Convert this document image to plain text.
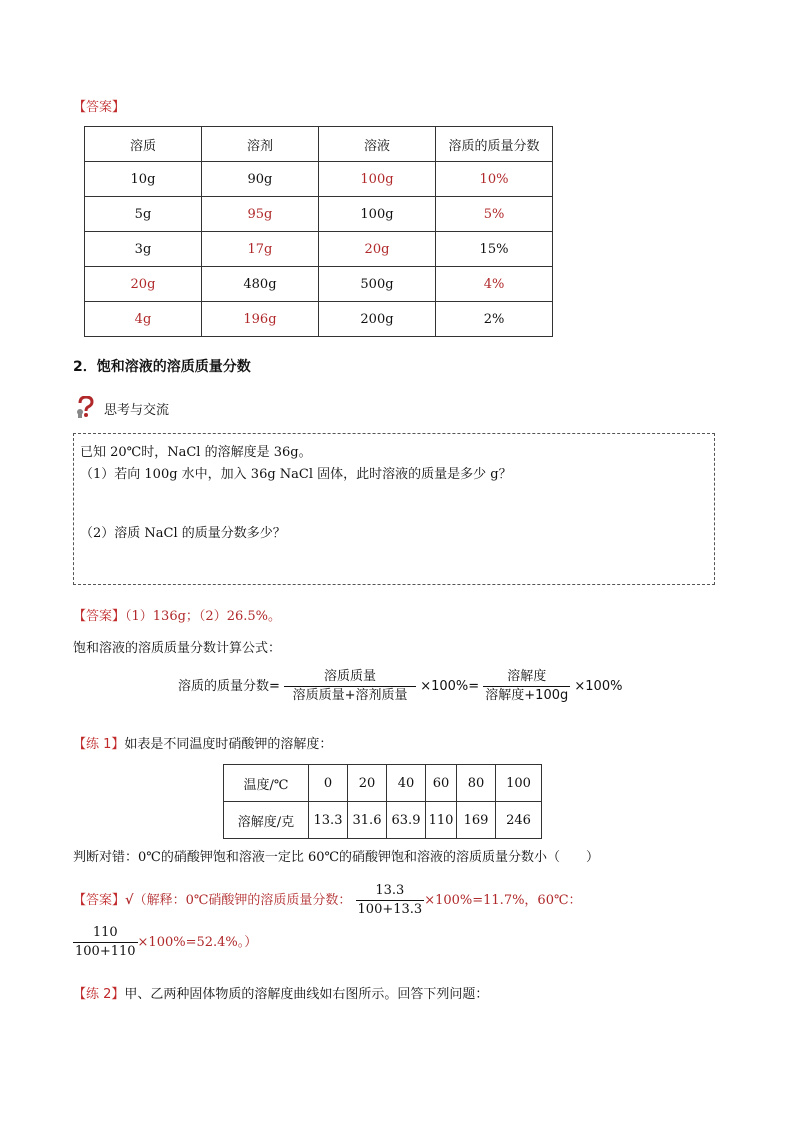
【答案】
溶质	溶剂	溶液	溶质的质量分数
10g	90g	100g	10%
5g	95g	100g	5%
3g	17g	20g	15%
20g	480g	500g	4%
4g	196g	200g	2%
2．饱和溶液的溶质质量分数
思考与交流
已知 20℃时，NaCl 的溶解度是 36g。
（1）若向 100g 水中，加入 36g NaCl 固体，此时溶液的质量是多少 g？
（2）溶质 NaCl 的质量分数多少？
【答案】（1）136g；（2）26.5%。
饱和溶液的溶质质量分数计算公式：
溶质的质量分数= $\frac{\text{溶质质量}}{\text{溶质质量+溶剂质量}} \times 100\%= \frac{\text{溶解度}}{\text{溶解度+100g}} \times 100\%$
【练 1】如表是不同温度时硝酸钾的溶解度：
温度/℃	0	20	40	60	80	100
溶解度/克	13.3	31.6	63.9	110	169	246
判断对错：0℃的硝酸钾饱和溶液一定比 60℃的硝酸钾饱和溶液的溶质质量分数小（　　）
【答案】√（解释：0℃硝酸钾的溶质质量分数： $\frac{13.3}{100+13.3} \times 100\%=11.7\%$，60℃：
$\frac{110}{100+110} \times 100\%=52.4\%$。）
【练 2】甲、乙两种固体物质的溶解度曲线如右图所示。回答下列问题：
